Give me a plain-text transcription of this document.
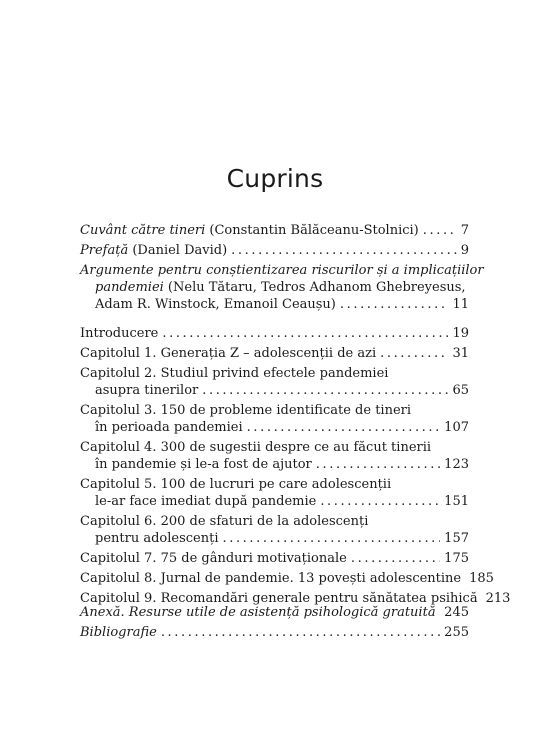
Cuprins
Cuvânt către tineri (Constantin Bălăceanu-Stolnici) .....	7
Prefață (Daniel David) .....	9
Argumente pentru conștientizarea riscurilor și a implicațiilor
pandemiei (Nelu Tătaru, Tedros Adhanom Ghebreyesus,
Adam R. Winstock, Emanoil Ceaușu) .....	11
Introducere .....	19
Capitolul 1. Generația Z – adolescenții de azi .....	31
Capitolul 2. Studiul privind efectele pandemiei
asupra tinerilor .....	65
Capitolul 3. 150 de probleme identificate de tineri
în perioada pandemiei .....	107
Capitolul 4. 300 de sugestii despre ce au făcut tinerii
în pandemie și le-a fost de ajutor .....	123
Capitolul 5. 100 de lucruri pe care adolescenții
le-ar face imediat după pandemie .....	151
Capitolul 6. 200 de sfaturi de la adolescenți
pentru adolescenți .....	157
Capitolul 7. 75 de gânduri motivaționale .....	175
Capitolul 8. Jurnal de pandemie. 13 povești adolescentine ..... 185
Capitolul 9. Recomandări generale pentru sănătatea psihică ..... 213
Anexă. Resurse utile de asistență psihologică gratuită ..... 245
Bibliografie .....	255
